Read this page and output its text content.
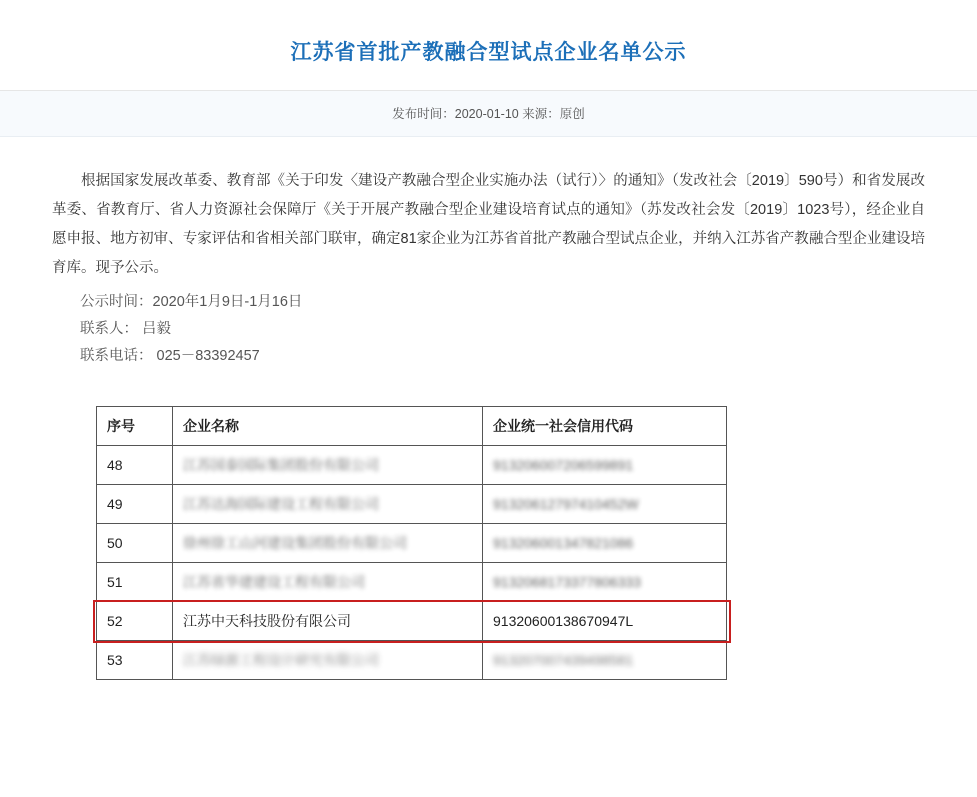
江苏省首批产教融合型试点企业名单公示
发布时间：2020-01-10 来源：原创

根据国家发展改革委、教育部《关于印发〈建设产教融合型企业实施办法（试行）〉的通知》（发改社会〔2019〕590号）和省发展改革委、省教育厅、省人力资源社会保障厅《关于开展产教融合型企业建设培育试点的通知》（苏发改社会发〔2019〕1023号），经企业自愿申报、地方初审、专家评估和省相关部门联审，确定81家企业为江苏省首批产教融合型试点企业，并纳入江苏省产教融合型企业建设培育库。现予公示。

公示时间：2020年1月9日-1月16日
联系人： 吕毅
联系电话： 025－83392457
序号	企业名称	企业统一社会信用代码
48	江苏国泰国际集团股份有限公司	913206007206599891
49	江苏达海国际建设工程有限公司	91320612797410452W
50	徐州徐工山河建设集团股份有限公司	913206001347821086
51	江苏省华建建设工程有限公司	9132068173377806333
52	江苏中天科技股份有限公司	91320600138670947L
53	江苏绿源工程设计研究有限公司	913207007439498581
